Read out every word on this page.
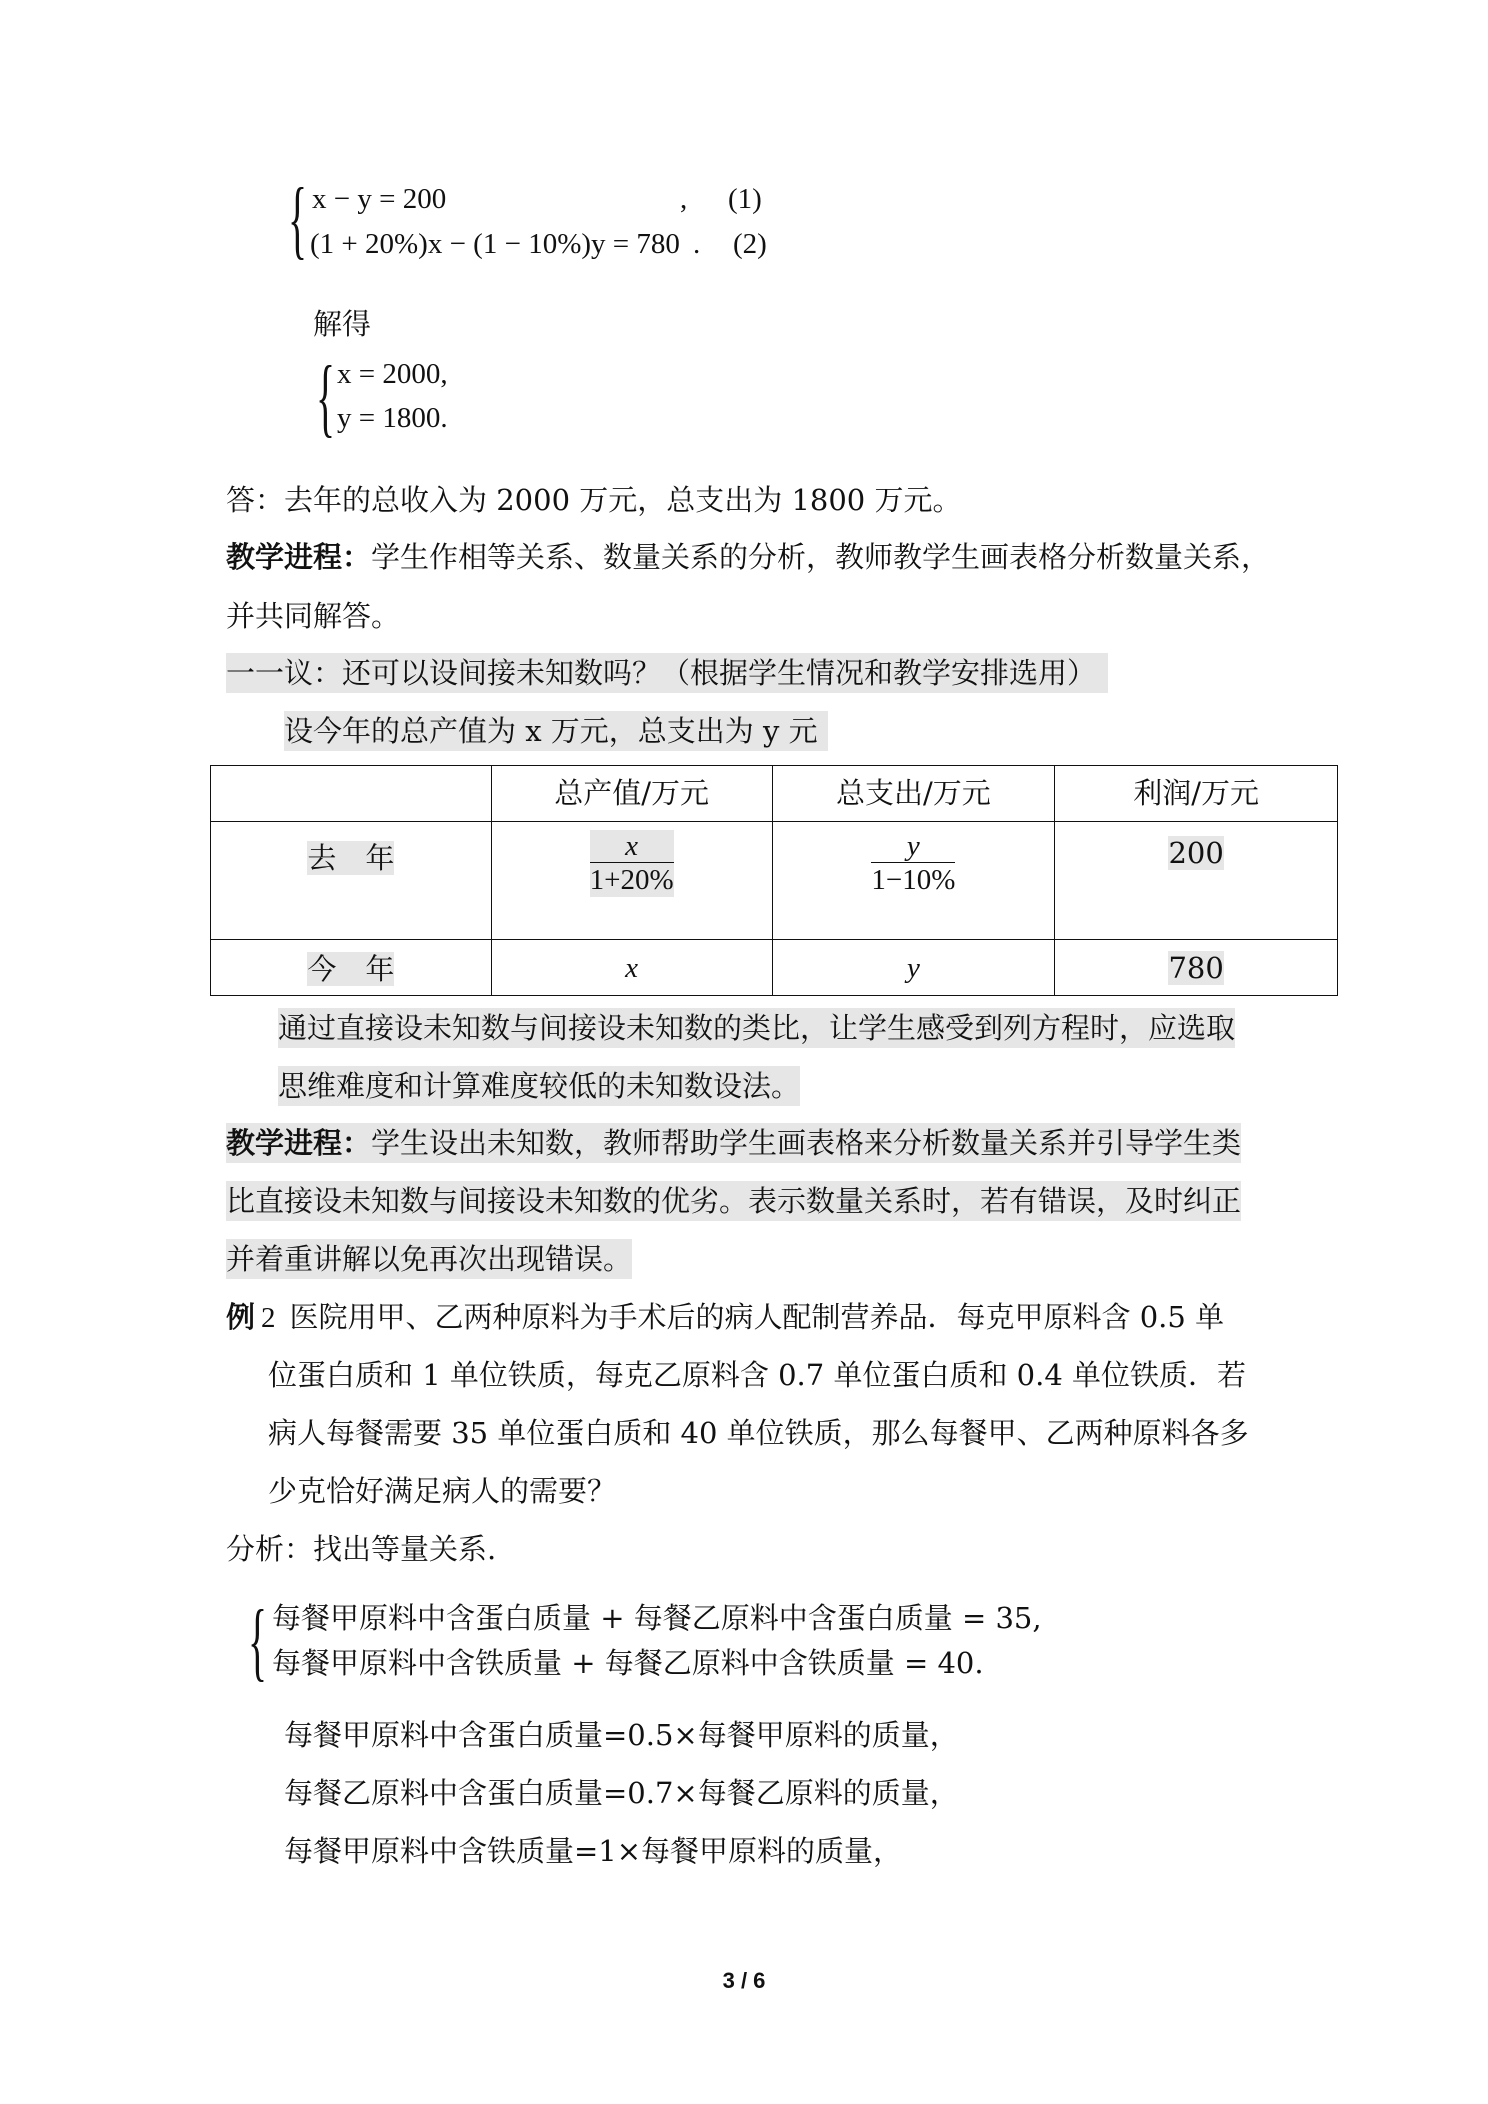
{ x − y = 200	, (1)
(1 + 20%)x − (1 − 10%)y = 780 . (2)
解得
{ x = 2000,
y = 1800.
答：去年的总收入为 2000 万元，总支出为 1800 万元。
教学进程：学生作相等关系、数量关系的分析，教师教学生画表格分析数量关系，
并共同解答。
一一议：还可以设间接未知数吗？（根据学生情况和教学安排选用）
设今年的总产值为 x 万元，总支出为 y 元
	总产值/万元	总支出/万元	利润/万元
去　年	$\frac{x}{1+20\%}$	$\frac{y}{1-10\%}$	200
今　年	x	y	780
通过直接设未知数与间接设未知数的类比，让学生感受到列方程时，应选取
思维难度和计算难度较低的未知数设法。
教学进程：学生设出未知数，教师帮助学生画表格来分析数量关系并引导学生类
比直接设未知数与间接设未知数的优劣。表示数量关系时，若有错误，及时纠正
并着重讲解以免再次出现错误。
例 2 医院用甲、乙两种原料为手术后的病人配制营养品．每克甲原料含 0.5 单
位蛋白质和 1 单位铁质，每克乙原料含 0.7 单位蛋白质和 0.4 单位铁质．若
病人每餐需要 35 单位蛋白质和 40 单位铁质，那么每餐甲、乙两种原料各多
少克恰好满足病人的需要？
分析：找出等量关系.
{ 每餐甲原料中含蛋白质量 + 每餐乙原料中含蛋白质量 = 35,
每餐甲原料中含铁质量 + 每餐乙原料中含铁质量 = 40.
每餐甲原料中含蛋白质量=0.5×每餐甲原料的质量，
每餐乙原料中含蛋白质量=0.7×每餐乙原料的质量，
每餐甲原料中含铁质量=1×每餐甲原料的质量，
3 / 6
